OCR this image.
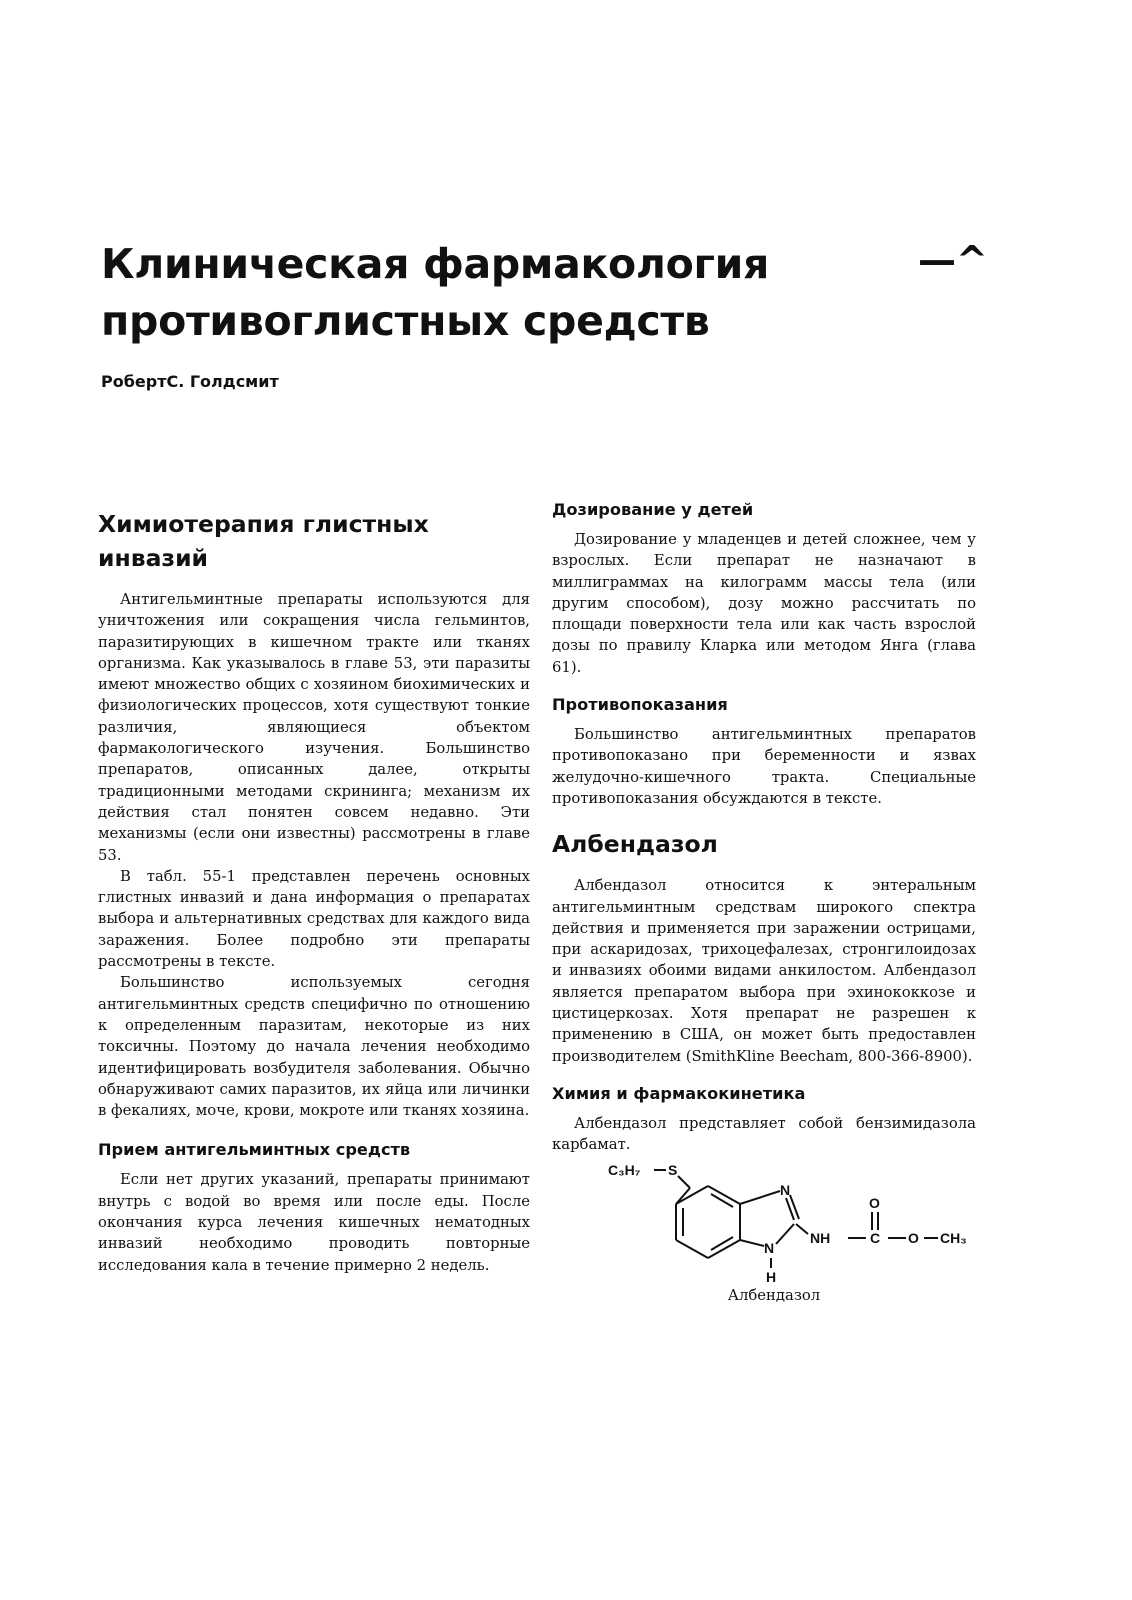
Клиническая фармакология
противоглистных средств
—^
РобертС. Голдсмит
Химиотерапия глистных
инвазий

Антигельминтные препараты используются для уничтожения или сокращения числа гельминтов, паразитирующих в кишечном тракте или тканях организма. Как указывалось в главе 53, эти паразиты имеют множество общих с хозяином биохимических и физиологических процессов, хотя существуют тонкие различия, являющиеся объектом фармакологического изучения. Большинство препаратов, описанных далее, открыты традиционными методами скрининга; механизм их действия стал понятен совсем недавно. Эти механизмы (если они известны) рассмотрены в главе 53.

В табл. 55-1 представлен перечень основных глистных инвазий и дана информация о препаратах выбора и альтернативных средствах для каждого вида заражения. Более подробно эти препараты рассмотрены в тексте.

Большинство используемых сегодня антигельминтных средств специфично по отношению к определенным паразитам, некоторые из них токсичны. Поэтому до начала лечения необходимо идентифицировать возбудителя заболевания. Обычно обнаруживают самих паразитов, их яйца или личинки в фекалиях, моче, крови, мокроте или тканях хозяина.

Прием антигельминтных средств

Если нет других указаний, препараты принимают внутрь с водой во время или после еды. После окончания курса лечения кишечных нематодных инвазий необходимо проводить повторные исследования кала в течение примерно 2 недель.

Дозирование у детей

Дозирование у младенцев и детей сложнее, чем у взрослых. Если препарат не назначают в миллиграммах на килограмм массы тела (или другим способом), дозу можно рассчитать по площади поверхности тела или как часть взрослой дозы по правилу Кларка или методом Янга (глава 61).

Противопоказания

Большинство антигельминтных препаратов противопоказано при беременности и язвах желудочно-кишечного тракта. Специальные противопоказания обсуждаются в тексте.

Албендазол

Албендазол относится к энтеральным антигельминтным средствам широкого спектра действия и применяется при заражении острицами, при аскаридозах, трихоцефалезах, стронгилоидозах и инвазиях обоими видами анкилостом. Албендазол является препаратом выбора при эхинококкозе и цистицеркозах. Хотя препарат не разрешен к применению в США, он может быть предоставлен производителем (SmithKline Beecham, 800-366-8900).

Химия и фармакокинетика

Албендазол представляет собой бензимидазола карбамат.

C₃H₇ S
N
N
H
NH	C
O
O CH₃
Албендазол
